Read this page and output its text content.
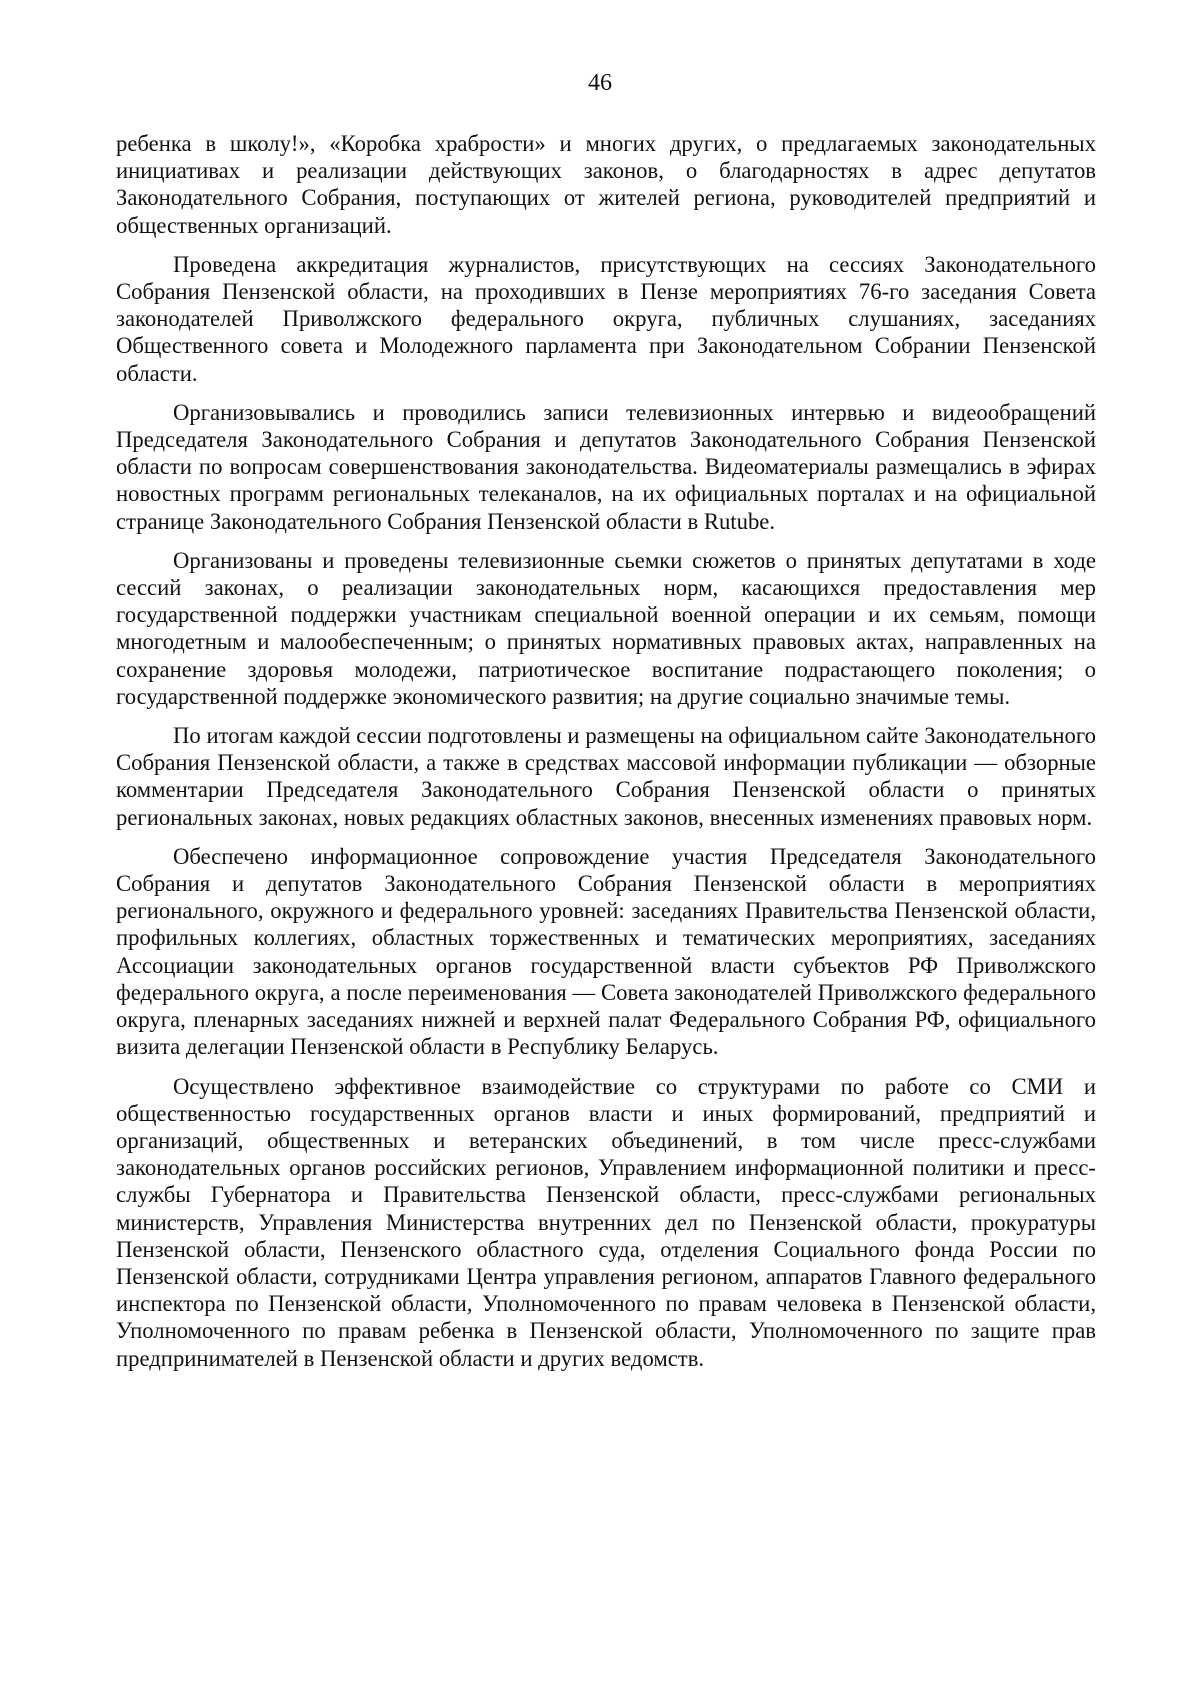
46

ребенка в школу!», «Коробка храбрости» и многих других, о предлагаемых законодательных инициативах и реализации действующих законов, о благодарностях в адрес депутатов Законодательного Собрания, поступающих от жителей региона, руководителей предприятий и общественных организаций.

Проведена аккредитация журналистов, присутствующих на сессиях Законодательного Собрания Пензенской области, на проходивших в Пензе мероприятиях 76-го заседания Совета законодателей Приволжского федерального округа, публичных слушаниях, заседаниях Общественного совета и Молодежного парламента при Законодательном Собрании Пензенской области.

Организовывались и проводились записи телевизионных интервью и видеообращений Председателя Законодательного Собрания и депутатов Законодательного Собрания Пензенской области по вопросам совершенствования законодательства. Видеоматериалы размещались в эфирах новостных программ региональных телеканалов, на их официальных порталах и на официальной странице Законодательного Собрания Пензенской области в Rutube.

Организованы и проведены телевизионные сьемки сюжетов о принятых депутатами в ходе сессий законах, о реализации законодательных норм, касающихся предоставления мер государственной поддержки участникам специальной военной операции и их семьям, помощи многодетным и малообеспеченным; о принятых нормативных правовых актах, направленных на сохранение здоровья молодежи, патриотическое воспитание подрастающего поколения; о государственной поддержке экономического развития; на другие социально значимые темы.

По итогам каждой сессии подготовлены и размещены на официальном сайте Законодательного Собрания Пензенской области, а также в средствах массовой информации публикации — обзорные комментарии Председателя Законодательного Собрания Пензенской области о принятых региональных законах, новых редакциях областных законов, внесенных изменениях правовых норм.

Обеспечено информационное сопровождение участия Председателя Законодательного Собрания и депутатов Законодательного Собрания Пензенской области в мероприятиях регионального, окружного и федерального уровней: заседаниях Правительства Пензенской области, профильных коллегиях, областных торжественных и тематических мероприятиях, заседаниях Ассоциации законодательных органов государственной власти субъектов РФ Приволжского федерального округа, а после переименования — Совета законодателей Приволжского федерального округа, пленарных заседаниях нижней и верхней палат Федерального Собрания РФ, официального визита делегации Пензенской области в Республику Беларусь.

Осуществлено эффективное взаимодействие со структурами по работе со СМИ и общественностью государственных органов власти и иных формирований, предприятий и организаций, общественных и ветеранских объединений, в том числе пресс-службами законодательных органов российских регионов, Управлением информационной политики и пресс-службы Губернатора и Правительства Пензенской области, пресс-службами региональных министерств, Управления Министерства внутренних дел по Пензенской области, прокуратуры Пензенской области, Пензенского областного суда, отделения Социального фонда России по Пензенской области, сотрудниками Центра управления регионом, аппаратов Главного федерального инспектора по Пензенской области, Уполномоченного по правам человека в Пензенской области, Уполномоченного по правам ребенка в Пензенской области, Уполномоченного по защите прав предпринимателей в Пензенской области и других ведомств.
